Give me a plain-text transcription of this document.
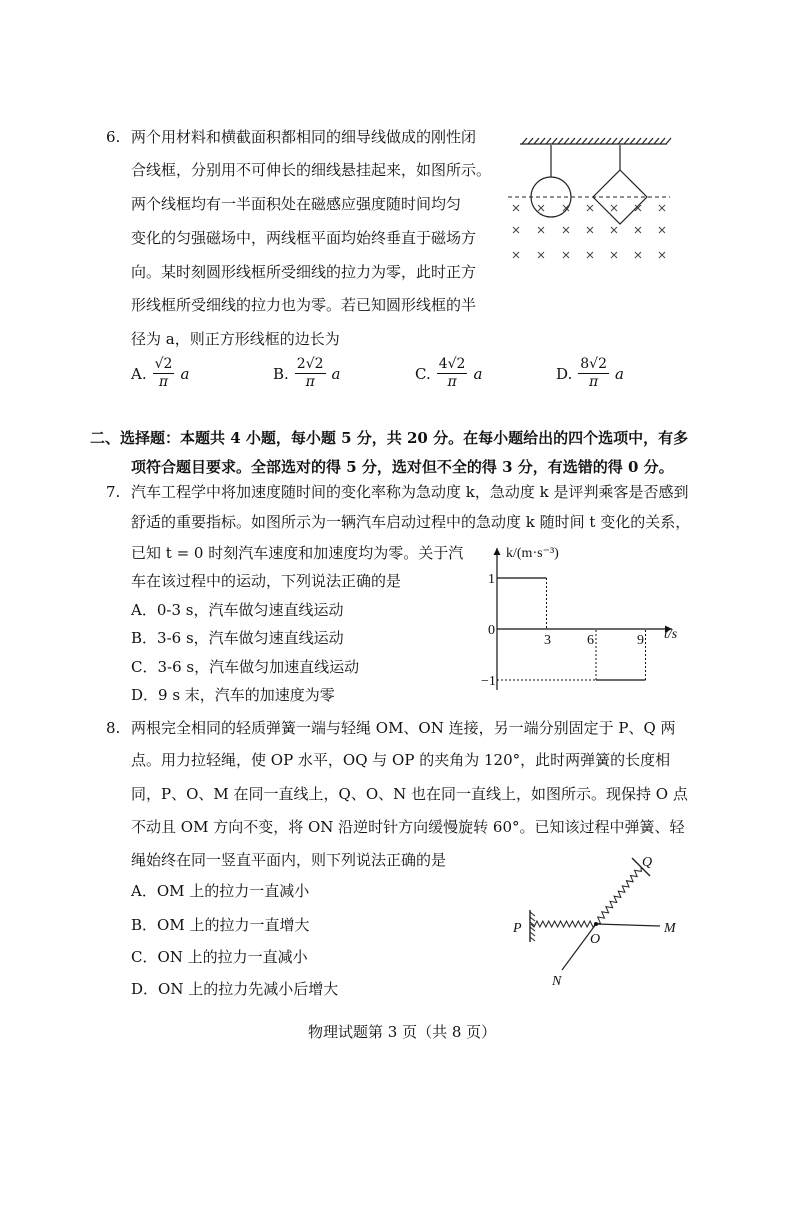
6. 两个用材料和横截面积都相同的细导线做成的刚性闭
合线框，分别用不可伸长的细线悬挂起来，如图所示。
两个线框均有一半面积处在磁感应强度随时间均匀
变化的匀强磁场中，两线框平面均始终垂直于磁场方
向。某时刻圆形线框所受细线的拉力为零，此时正方
形线框所受细线的拉力也为零。若已知圆形线框的半
径为 a，则正方形线框的边长为
A. $\frac{√2}{\pi}$ a	B. $\frac{2√2}{\pi}$ a	C. $\frac{4√2}{\pi}$ a	D. $\frac{8√2}{\pi}$ a
二、选择题：本题共 4 小题，每小题 5 分，共 20 分。在每小题给出的四个选项中，有多
项符合题目要求。全部选对的得 5 分，选对但不全的得 3 分，有选错的得 0 分。
7. 汽车工程学中将加速度随时间的变化率称为急动度 k，急动度 k 是评判乘客是否感到
舒适的重要指标。如图所示为一辆汽车启动过程中的急动度 k 随时间 t 变化的关系，
已知 t = 0 时刻汽车速度和加速度均为零。关于汽
车在该过程中的运动，下列说法正确的是
A．0-3 s，汽车做匀速直线运动
B．3-6 s，汽车做匀速直线运动
C．3-6 s，汽车做匀加速直线运动
D．9 s 末，汽车的加速度为零
k/(m·s⁻³)
t/s
1
0
−1
3	6	9
8. 两根完全相同的轻质弹簧一端与轻绳 OM、ON 连接，另一端分别固定于 P、Q 两
点。用力拉轻绳，使 OP 水平，OQ 与 OP 的夹角为 120°，此时两弹簧的长度相
同，P、O、M 在同一直线上，Q、O、N 也在同一直线上，如图所示。现保持 O 点
不动且 OM 方向不变，将 ON 沿逆时针方向缓慢旋转 60°。已知该过程中弹簧、轻
绳始终在同一竖直平面内，则下列说法正确的是
A．OM 上的拉力一直减小
B．OM 上的拉力一直增大
C．ON 上的拉力一直减小
D．ON 上的拉力先减小后增大
P
O
M
Q
N
物理试题第 3 页（共 8 页）
